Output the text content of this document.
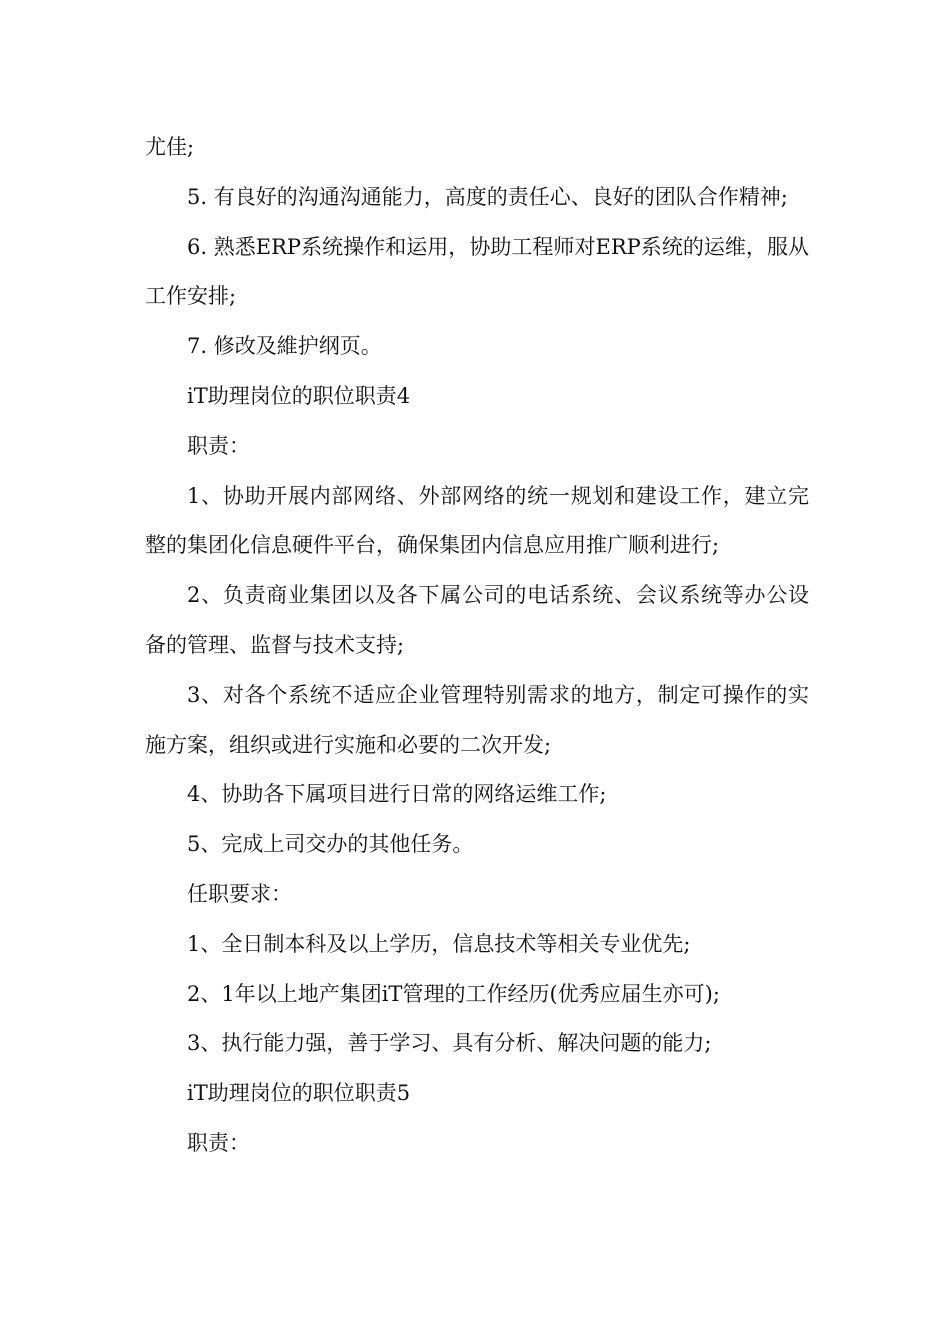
尤佳;

5. 有良好的沟通沟通能力，高度的责任心、良好的团队合作精神;

6. 熟悉ERP系统操作和运用，协助工程师对ERP系统的运维，服从工作安排;

7. 修改及維护纲页。

iT助理岗位的职位职责4

职责：

1、协助开展内部网络、外部网络的统一规划和建设工作，建立完整的集团化信息硬件平台，确保集团内信息应用推广顺利进行;

2、负责商业集团以及各下属公司的电话系统、会议系统等办公设备的管理、监督与技术支持;

3、对各个系统不适应企业管理特别需求的地方，制定可操作的实施方案，组织或进行实施和必要的二次开发;

4、协助各下属项目进行日常的网络运维工作;

5、完成上司交办的其他任务。

任职要求：

1、全日制本科及以上学历，信息技术等相关专业优先;

2、1年以上地产集团iT管理的工作经历(优秀应届生亦可);

3、执行能力强，善于学习、具有分析、解决问题的能力;

iT助理岗位的职位职责5

职责：
